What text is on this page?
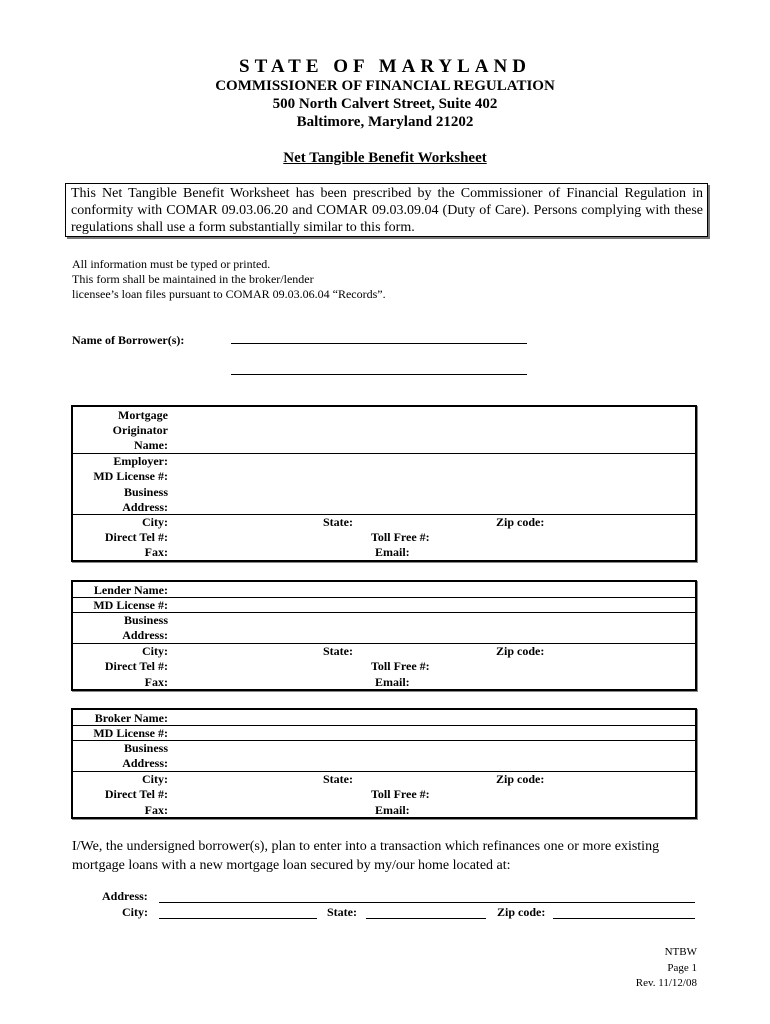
STATE OF MARYLAND
COMMISSIONER OF FINANCIAL REGULATION
500 North Calvert Street, Suite 402
Baltimore, Maryland 21202
Net Tangible Benefit Worksheet
This Net Tangible Benefit Worksheet has been prescribed by the Commissioner of Financial Regulation in conformity with COMAR 09.03.06.20 and COMAR 09.03.09.04 (Duty of Care). Persons complying with these regulations shall use a form substantially similar to this form.
All information must be typed or printed.
This form shall be maintained in the broker/lender
licensee’s loan files pursuant to COMAR 09.03.06.04 “Records”.
Name of Borrower(s):
Mortgage
Originator
Name:
Employer:
MD License #:
Business
Address:
City:	State:	Zip code:
Direct Tel #:	Toll Free #:
Fax:	Email:
Lender Name:
MD License #:
Business
Address:
City:	State:	Zip code:
Direct Tel #:	Toll Free #:
Fax:	Email:
Broker Name:
MD License #:
Business
Address:
City:	State:	Zip code:
Direct Tel #:	Toll Free #:
Fax:	Email:
I/We, the undersigned borrower(s), plan to enter into a transaction which refinances one or more existing mortgage loans with a new mortgage loan secured by my/our home located at:
Address:
City:	State:	Zip code:
NTBW
Page 1
Rev. 11/12/08
